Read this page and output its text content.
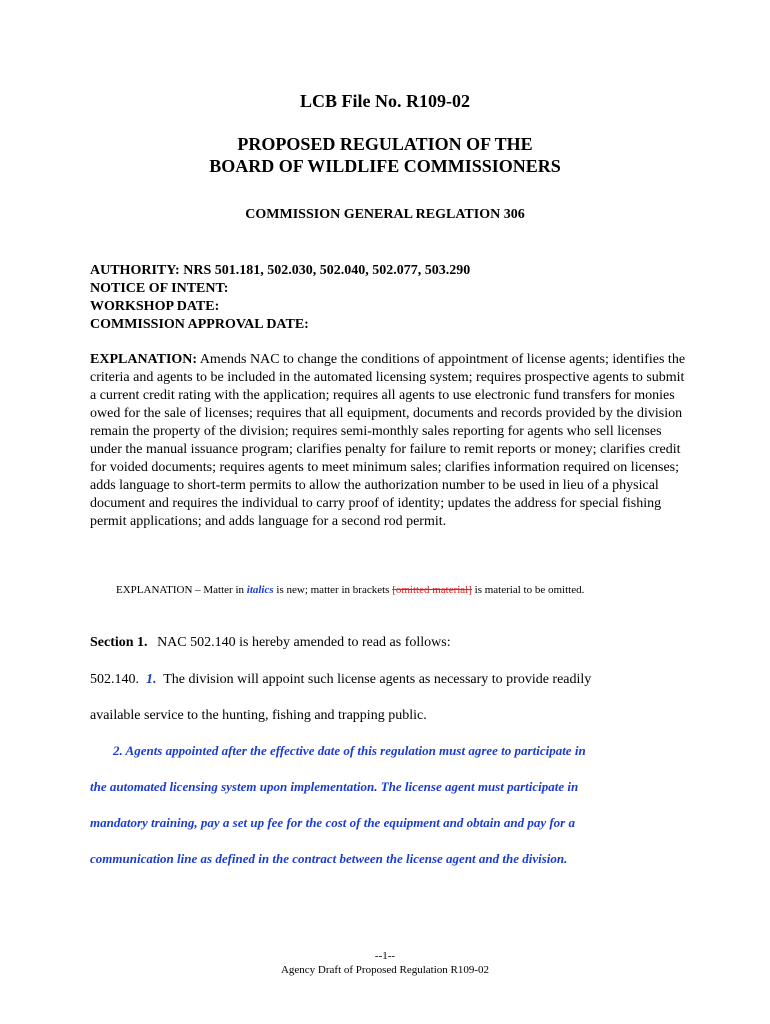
LCB File No. R109-02
PROPOSED REGULATION OF THE
BOARD OF WILDLIFE COMMISSIONERS
COMMISSION GENERAL REGLATION 306
AUTHORITY: NRS 501.181, 502.030, 502.040, 502.077, 503.290
NOTICE OF INTENT:
WORKSHOP DATE:
COMMISSION APPROVAL DATE:
EXPLANATION: Amends NAC to change the conditions of appointment of license agents; identifies the criteria and agents to be included in the automated licensing system; requires prospective agents to submit a current credit rating with the application; requires all agents to use electronic fund transfers for monies owed for the sale of licenses; requires that all equipment, documents and records provided by the division remain the property of the division; requires semi-monthly sales reporting for agents who sell licenses under the manual issuance program; clarifies penalty for failure to remit reports or money; clarifies credit for voided documents; requires agents to meet minimum sales; clarifies information required on licenses; adds language to short-term permits to allow the authorization number to be used in lieu of a physical document and requires the individual to carry proof of identity; updates the address for special fishing permit applications; and adds language for a second rod permit.
EXPLANATION – Matter in italics is new; matter in brackets [omitted material] is material to be omitted.
Section 1. NAC 502.140 is hereby amended to read as follows:
502.140. 1. The division will appoint such license agents as necessary to provide readily
available service to the hunting, fishing and trapping public.
2. Agents appointed after the effective date of this regulation must agree to participate in
the automated licensing system upon implementation. The license agent must participate in
mandatory training, pay a set up fee for the cost of the equipment and obtain and pay for a
communication line as defined in the contract between the license agent and the division.
--1--
Agency Draft of Proposed Regulation R109-02
